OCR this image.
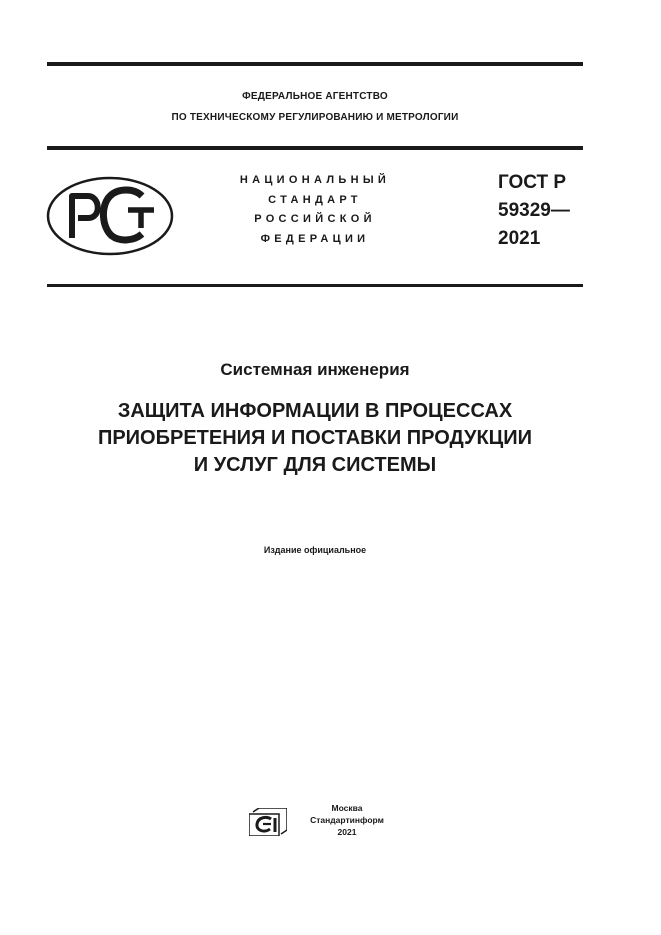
ФЕДЕРАЛЬНОЕ АГЕНТСТВО
ПО ТЕХНИЧЕСКОМУ РЕГУЛИРОВАНИЮ И МЕТРОЛОГИИ
НАЦИОНАЛЬНЫЙ
СТАНДАРТ
РОССИЙСКОЙ
ФЕДЕРАЦИИ
ГОСТ Р
59329—
2021
Системная инженерия
ЗАЩИТА ИНФОРМАЦИИ В ПРОЦЕССАХ
ПРИОБРЕТЕНИЯ И ПОСТАВКИ ПРОДУКЦИИ
И УСЛУГ ДЛЯ СИСТЕМЫ
Издание официальное
Москва
Стандартинформ
2021
